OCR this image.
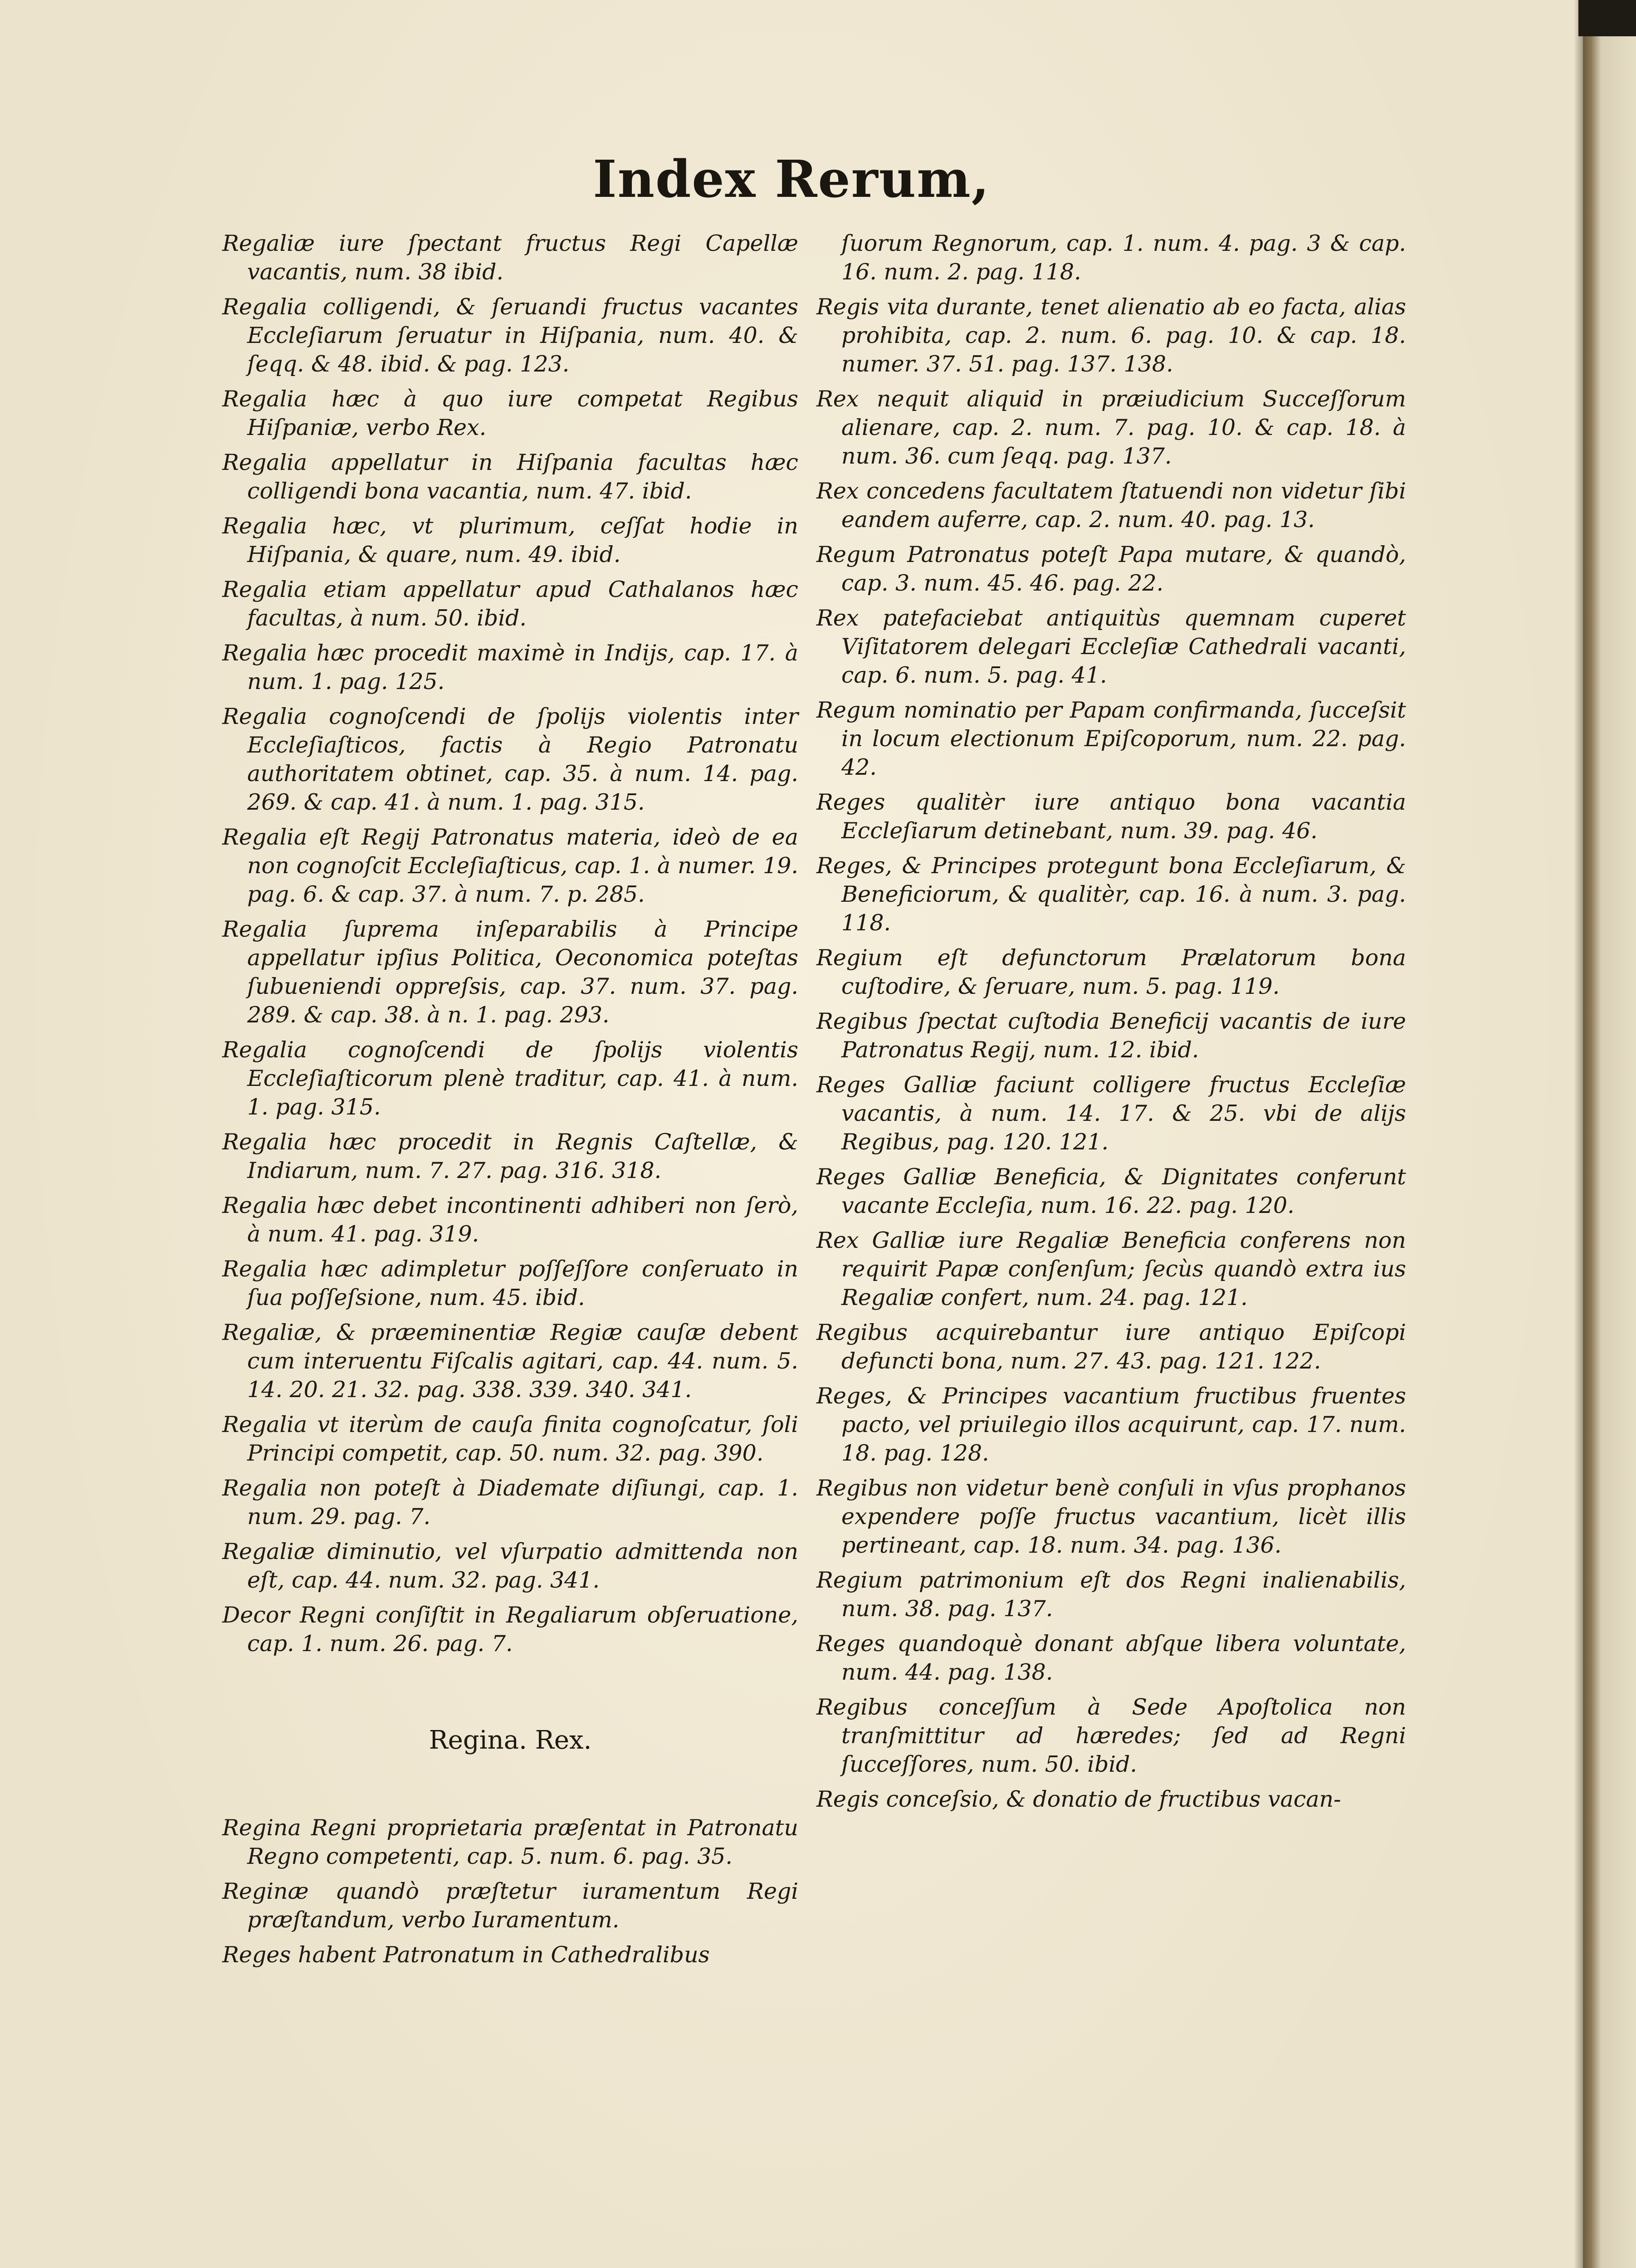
Index Rerum,

Regaliæ iure ſpectant fructus Regi Capellæ vacantis, num. 38 ibid.

Regalia colligendi, & ſeruandi fructus vacantes Eccleſiarum ſeruatur in Hiſpania, num. 40. & ſeqq. & 48. ibid. & pag. 123.

Regalia hæc à quo iure competat Regibus Hiſpaniæ, verbo Rex.

Regalia appellatur in Hiſpania facultas hæc colligendi bona vacantia, num. 47. ibid.

Regalia hæc, vt plurimum, ceſſat hodie in Hiſpania, & quare, num. 49. ibid.

Regalia etiam appellatur apud Cathalanos hæc facultas, à num. 50. ibid.

Regalia hæc procedit maximè in Indijs, cap. 17. à num. 1. pag. 125.

Regalia cognoſcendi de ſpolijs violentis inter Eccleſiaſticos, factis à Regio Patronatu authoritatem obtinet, cap. 35. à num. 14. pag. 269. & cap. 41. à num. 1. pag. 315.

Regalia eſt Regij Patronatus materia, ideò de ea non cognoſcit Eccleſiaſticus, cap. 1. à numer. 19. pag. 6. & cap. 37. à num. 7. p. 285.

Regalia ſuprema inſeparabilis à Principe appellatur ipſius Politica, Oeconomica poteſtas ſubueniendi oppreſsis, cap. 37. num. 37. pag. 289. & cap. 38. à n. 1. pag. 293.

Regalia cognoſcendi de ſpolijs violentis Eccleſiaſticorum plenè traditur, cap. 41. à num. 1. pag. 315.

Regalia hæc procedit in Regnis Caſtellæ, & Indiarum, num. 7. 27. pag. 316. 318.

Regalia hæc debet incontinenti adhiberi non ſerò, à num. 41. pag. 319.

Regalia hæc adimpletur poſſeſſore conſeruato in ſua poſſeſsione, num. 45. ibid.

Regaliæ, & præeminentiæ Regiæ cauſæ debent cum interuentu Fiſcalis agitari, cap. 44. num. 5. 14. 20. 21. 32. pag. 338. 339. 340. 341.

Regalia vt iterùm de cauſa finita cognoſcatur, ſoli Principi competit, cap. 50. num. 32. pag. 390.

Regalia non poteſt à Diademate diſiungi, cap. 1. num. 29. pag. 7.

Regaliæ diminutio, vel vſurpatio admittenda non eſt, cap. 44. num. 32. pag. 341.

Decor Regni conſiſtit in Regaliarum obſeruatione, cap. 1. num. 26. pag. 7.

Regina. Rex.

Regina Regni proprietaria præſentat in Patronatu Regno competenti, cap. 5. num. 6. pag. 35.

Reginæ quandò præſtetur iuramentum Regi præſtandum, verbo Iuramentum.

Reges habent Patronatum in Cathedralibus

ſuorum Regnorum, cap. 1. num. 4. pag. 3 & cap. 16. num. 2. pag. 118.

Regis vita durante, tenet alienatio ab eo facta, alias prohibita, cap. 2. num. 6. pag. 10. & cap. 18. numer. 37. 51. pag. 137. 138.

Rex nequit aliquid in præiudicium Succeſſorum alienare, cap. 2. num. 7. pag. 10. & cap. 18. à num. 36. cum ſeqq. pag. 137.

Rex concedens facultatem ſtatuendi non videtur ſibi eandem auferre, cap. 2. num. 40. pag. 13.

Regum Patronatus poteſt Papa mutare, & quandò, cap. 3. num. 45. 46. pag. 22.

Rex patefaciebat antiquitùs quemnam cuperet Viſitatorem delegari Eccleſiæ Cathedrali vacanti, cap. 6. num. 5. pag. 41.

Regum nominatio per Papam confirmanda, ſucceſsit in locum electionum Epiſcoporum, num. 22. pag. 42.

Reges qualitèr iure antiquo bona vacantia Eccleſiarum detinebant, num. 39. pag. 46.

Reges, & Principes protegunt bona Eccleſiarum, & Beneficiorum, & qualitèr, cap. 16. à num. 3. pag. 118.

Regium eſt defunctorum Prælatorum bona cuſtodire, & ſeruare, num. 5. pag. 119.

Regibus ſpectat cuſtodia Beneficij vacantis de iure Patronatus Regij, num. 12. ibid.

Reges Galliæ faciunt colligere fructus Eccleſiæ vacantis, à num. 14. 17. & 25. vbi de alijs Regibus, pag. 120. 121.

Reges Galliæ Beneficia, & Dignitates conferunt vacante Eccleſia, num. 16. 22. pag. 120.

Rex Galliæ iure Regaliæ Beneficia conferens non requirit Papæ conſenſum; ſecùs quandò extra ius Regaliæ confert, num. 24. pag. 121.

Regibus acquirebantur iure antiquo Epiſcopi defuncti bona, num. 27. 43. pag. 121. 122.

Reges, & Principes vacantium fructibus fruentes pacto, vel priuilegio illos acquirunt, cap. 17. num. 18. pag. 128.

Regibus non videtur benè conſuli in vſus prophanos expendere poſſe fructus vacantium, licèt illis pertineant, cap. 18. num. 34. pag. 136.

Regium patrimonium eſt dos Regni inalienabilis, num. 38. pag. 137.

Reges quandoquè donant abſque libera voluntate, num. 44. pag. 138.

Regibus conceſſum à Sede Apoſtolica non tranſmittitur ad hæredes; ſed ad Regni ſucceſſores, num. 50. ibid.

Regis conceſsio, & donatio de fructibus vacan-
